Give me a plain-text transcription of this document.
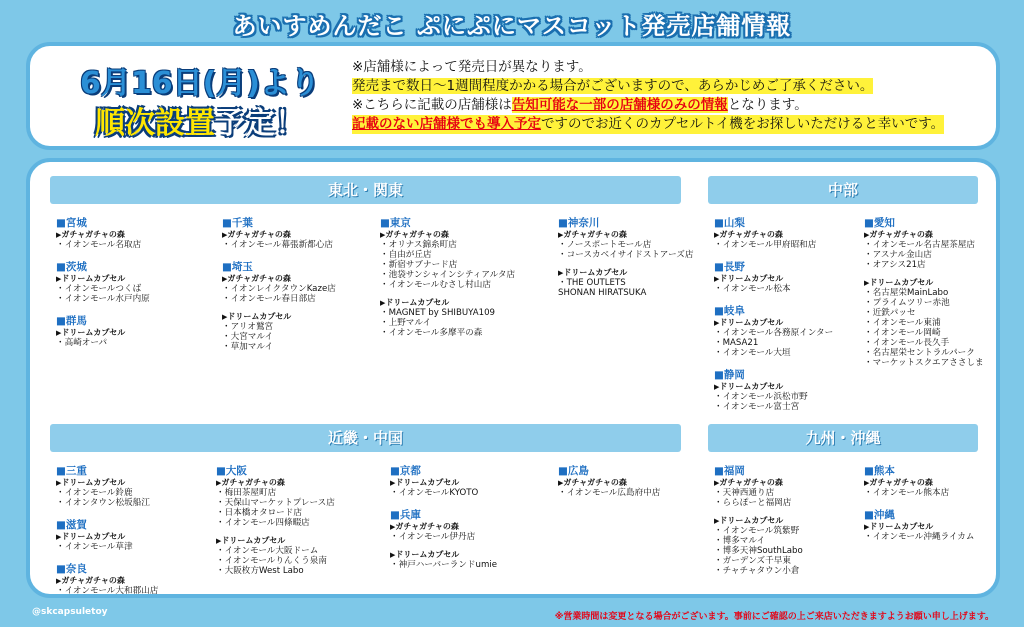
あいすめんだこ ぷにぷにマスコット発売店舗情報
6月16日(月)より
順次設置予定！
※店舗様によって発売日が異なります。
発売まで数日～1週間程度かかる場合がございますので、あらかじめご了承ください。
※こちらに記載の店舗様は告知可能な一部の店舗様のみの情報となります。
記載のない店舗様でも導入予定ですのでお近くのカプセルトイ機をお探しいただけると幸いです。
東北・関東	中部
近畿・中国	九州・沖縄
■ 宮城
▶ ガチャガチャの森
・イオンモール名取店
■ 茨城
▶ ドリームカプセル
・イオンモールつくば
・イオンモール水戸内原
■ 群馬
▶ ドリームカプセル
・高崎オーパ
■ 千葉
▶ ガチャガチャの森
・イオンモール幕張新都心店
■ 埼玉
▶ ガチャガチャの森
・イオンレイクタウンKaze店
・イオンモール春日部店
▶ ドリームカプセル
・アリオ鷲宮
・大宮マルイ
・草加マルイ
■ 東京
▶ ガチャガチャの森
・オリナス錦糸町店
・自由が丘店
・新宿サブナード店
・池袋サンシャインシティアルタ店
・イオンモールむさし村山店
▶ ドリームカプセル
・MAGNET by SHIBUYA109
・上野マルイ
・イオンモール多摩平の森
■ 神奈川
▶ ガチャガチャの森
・ノースポートモール店
・コースカベイサイドストアーズ店
▶ ドリームカプセル
・THE OUTLETS
SHONAN HIRATSUKA
■ 山梨
▶ ガチャガチャの森
・イオンモール甲府昭和店
■ 長野
▶ ドリームカプセル
・イオンモール松本
■ 岐阜
▶ ドリームカプセル
・イオンモール各務原インター
・MASA21
・イオンモール大垣
■ 静岡
▶ ドリームカプセル
・イオンモール浜松市野
・イオンモール富士宮
■ 愛知
▶ ガチャガチャの森
・イオンモール名古屋茶屋店
・アスナル金山店
・オアシス21店
▶ ドリームカプセル
・名古屋栄MainLabo
・プライムツリー赤池
・近鉄パッセ
・イオンモール東浦
・イオンモール岡崎
・イオンモール長久手
・名古屋栄セントラルパーク
・マーケットスクエアささしま
■ 三重
▶ ドリームカプセル
・イオンモール鈴鹿
・イオンタウン松坂船江
■ 滋賀
▶ ドリームカプセル
・イオンモール草津
■ 奈良
▶ ガチャガチャの森
・イオンモール大和郡山店
■ 大阪
▶ ガチャガチャの森
・梅田茶屋町店
・天保山マーケットプレース店
・日本橋オタロード店
・イオンモール四條畷店
▶ ドリームカプセル
・イオンモール大阪ドーム
・イオンモールりんくう泉南
・大阪枚方West Labo
■ 京都
▶ ドリームカプセル
・イオンモールKYOTO
■ 兵庫
▶ ガチャガチャの森
・イオンモール伊丹店
▶ ドリームカプセル
・神戸ハーバーランドumie
■ 広島
▶ ガチャガチャの森
・イオンモール広島府中店
■ 福岡
▶ ガチャガチャの森
・天神西通り店
・ららぽーと福岡店
▶ ドリームカプセル
・イオンモール筑紫野
・博多マルイ
・博多天神SouthLabo
・ガーデンズ千早東
・チャチャタウン小倉
■ 熊本
▶ ガチャガチャの森
・イオンモール熊本店
■ 沖縄
▶ ドリームカプセル
・イオンモール沖縄ライカム
@skcapsuletoy	※営業時間は変更となる場合がございます。事前にご確認の上ご来店いただきますようお願い申し上げます。
